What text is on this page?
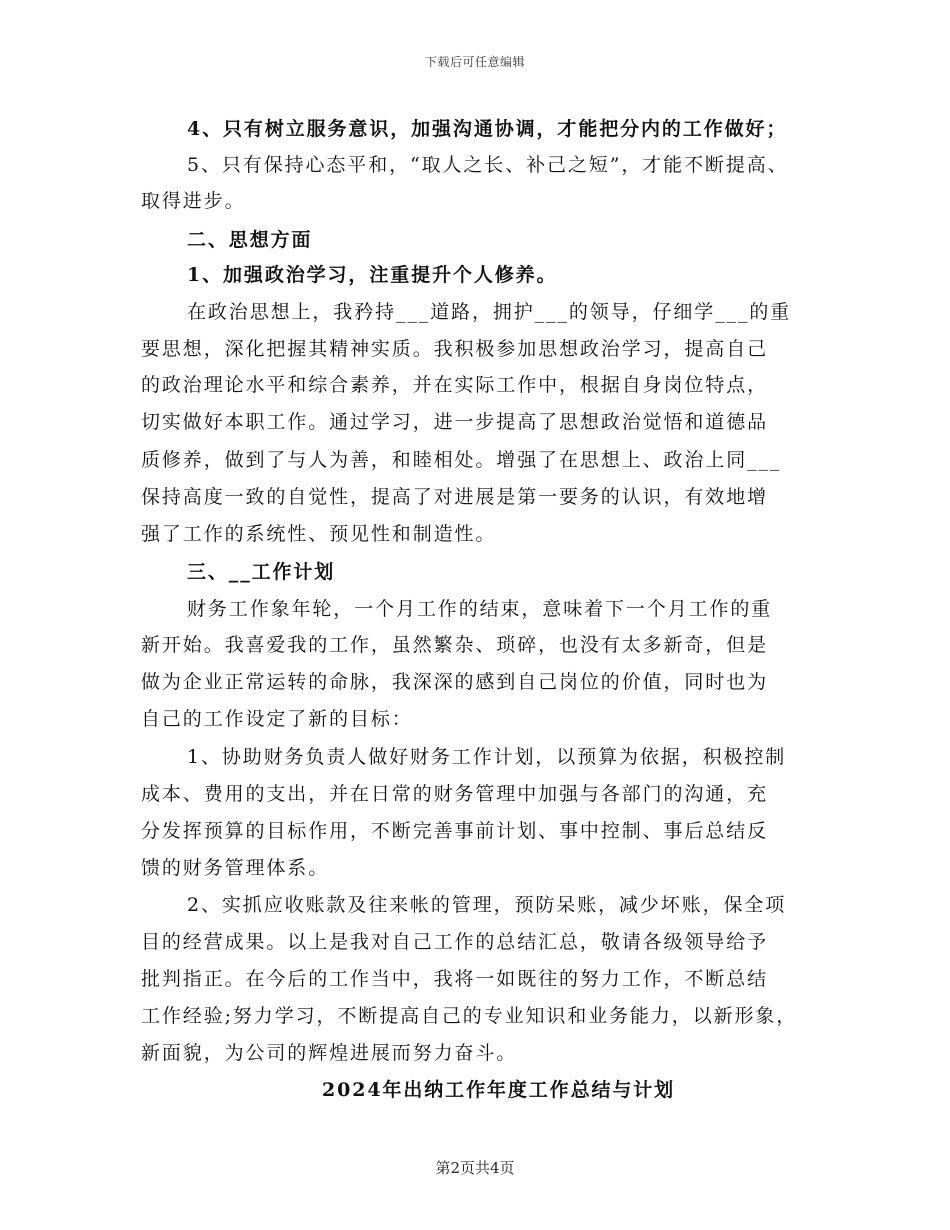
下载后可任意编辑
4、只有树立服务意识，加强沟通协调，才能把分内的工作做好；
5、只有保持心态平和，“取人之长、补己之短”，才能不断提高、
取得进步。
二、思想方面
1、加强政治学习，注重提升个人修养。
在政治思想上，我矜持___道路，拥护___的领导，仔细学___的重
要思想，深化把握其精神实质。我积极参加思想政治学习，提高自己
的政治理论水平和综合素养，并在实际工作中，根据自身岗位特点，
切实做好本职工作。通过学习，进一步提高了思想政治觉悟和道德品
质修养，做到了与人为善，和睦相处。增强了在思想上、政治上同___
保持高度一致的自觉性，提高了对进展是第一要务的认识，有效地增
强了工作的系统性、预见性和制造性。
三、__工作计划
财务工作象年轮，一个月工作的结束，意味着下一个月工作的重
新开始。我喜爱我的工作，虽然繁杂、琐碎，也没有太多新奇，但是
做为企业正常运转的命脉，我深深的感到自己岗位的价值，同时也为
自己的工作设定了新的目标：
1、协助财务负责人做好财务工作计划，以预算为依据，积极控制
成本、费用的支出，并在日常的财务管理中加强与各部门的沟通，充
分发挥预算的目标作用，不断完善事前计划、事中控制、事后总结反
馈的财务管理体系。
2、实抓应收账款及往来帐的管理，预防呆账，减少坏账，保全项
目的经营成果。以上是我对自己工作的总结汇总，敬请各级领导给予
批判指正。在今后的工作当中，我将一如既往的努力工作，不断总结
工作经验;努力学习，不断提高自己的专业知识和业务能力，以新形象，
新面貌，为公司的辉煌进展而努力奋斗。
2024年出纳工作年度工作总结与计划
第2页共4页
